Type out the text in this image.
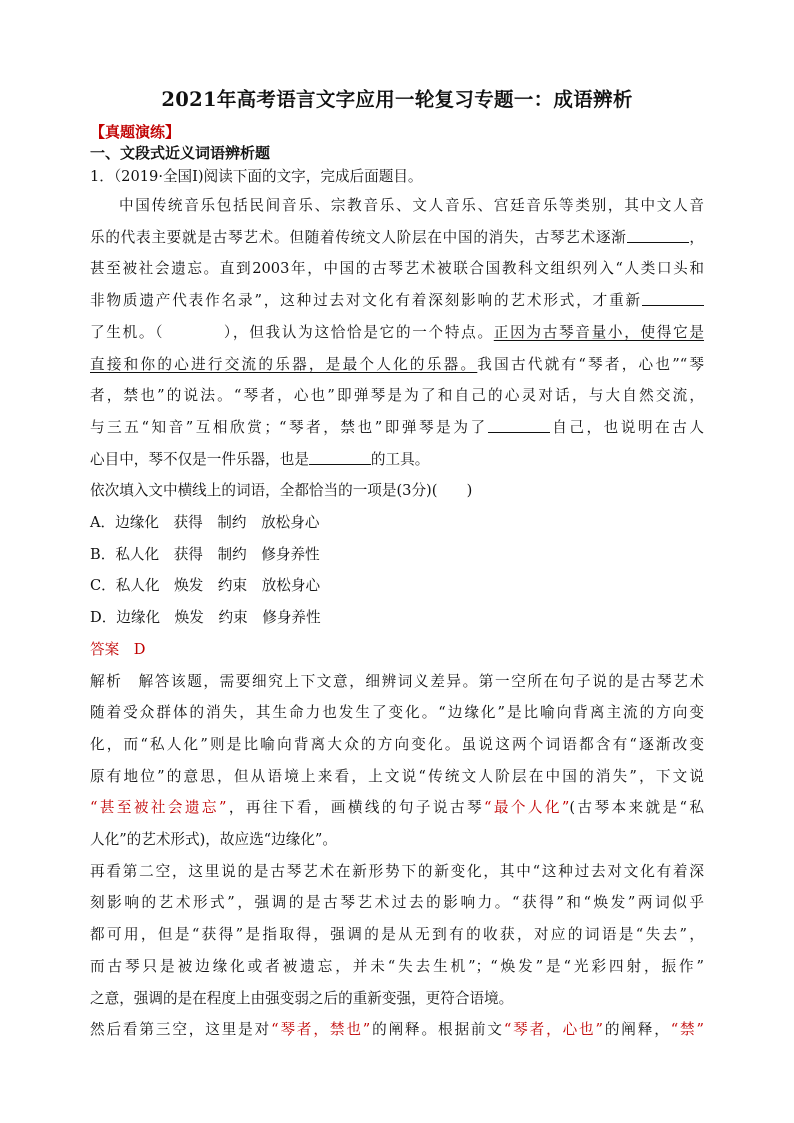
2021年高考语言文字应用一轮复习专题一：成语辨析

【真题演练】

一、文段式近义词语辨析题

1．（2019·全国Ⅰ)阅读下面的文字，完成后面题目。

中国传统音乐包括民间音乐、宗教音乐、文人音乐、宫廷音乐等类别，其中文人音

乐的代表主要就是古琴艺术。但随着传统文人阶层在中国的消失，古琴艺术逐渐	，

甚至被社会遗忘。直到2003年，中国的古琴艺术被联合国教科文组织列入“人类口头和

非物质遗产代表作名录”，这种过去对文化有着深刻影响的艺术形式，才重新

了生机。（	），但我认为这恰恰是它的一个特点。正因为古琴音量小，使得它是

直接和你的心进行交流的乐器，是最个人化的乐器。我国古代就有“琴者，心也”“琴

者，禁也”的说法。“琴者，心也”即弹琴是为了和自己的心灵对话，与大自然交流，

与三五“知音”互相欣赏；“琴者，禁也”即弹琴是为了	自己，也说明在古人

心目中，琴不仅是一件乐器，也是	的工具。

依次填入文中横线上的词语，全都恰当的一项是(3分)(　　)

A．边缘化　获得　制约　放松身心

B．私人化　获得　制约　修身养性

C．私人化　焕发　约束　放松身心

D．边缘化　焕发　约束　修身养性

答案　D

解析　解答该题，需要细究上下文意，细辨词义差异。第一空所在句子说的是古琴艺术

随着受众群体的消失，其生命力也发生了变化。“边缘化”是比喻向背离主流的方向变

化，而“私人化”则是比喻向背离大众的方向变化。虽说这两个词语都含有“逐渐改变

原有地位”的意思，但从语境上来看，上文说“传统文人阶层在中国的消失”，下文说

“甚至被社会遗忘”，再往下看，画横线的句子说古琴“最个人化”(古琴本来就是“私

人化”的艺术形式)，故应选“边缘化”。

再看第二空，这里说的是古琴艺术在新形势下的新变化，其中“这种过去对文化有着深

刻影响的艺术形式”，强调的是古琴艺术过去的影响力。“获得”和“焕发”两词似乎

都可用，但是“获得”是指取得，强调的是从无到有的收获，对应的词语是“失去”，

而古琴只是被边缘化或者被遗忘，并未“失去生机”；“焕发”是“光彩四射，振作”

之意，强调的是在程度上由强变弱之后的重新变强，更符合语境。

然后看第三空，这里是对“琴者，禁也”的阐释。根据前文“琴者，心也”的阐释，“禁”
